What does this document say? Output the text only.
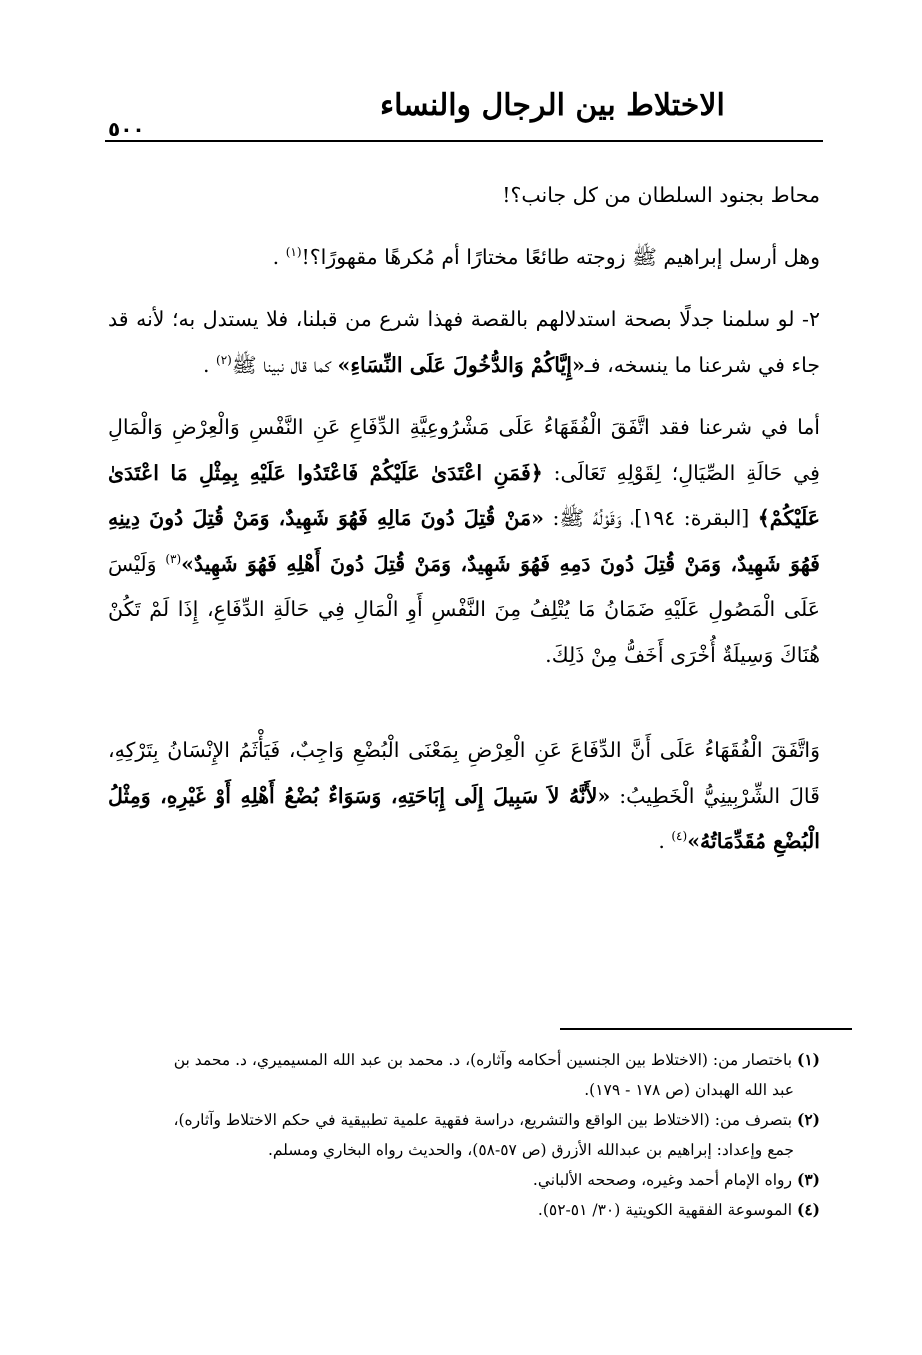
الاختلاط بين الرجال والنساء
٥٠٠
محاط بجنود السلطان من كل جانب؟!
وهل أرسل إبراهيم ﷺ زوجته طائعًا مختارًا أم مُكرهًا مقهورًا؟!$^{(١)}$ .
٢- لو سلمنا جدلًا بصحة استدلالهم بالقصة فهذا شرع من قبلنا، فلا يستدل به؛ لأنه قد جاء في شرعنا ما ينسخه، فـ«إِيَّاكُمْ وَالدُّخُولَ عَلَى النِّسَاءِ» كما قال نبينا ﷺ$^{(٢)}$ .
أما في شرعنا فقد اتَّفَقَ الْفُقَهَاءُ عَلَى مَشْرُوعِيَّةِ الدِّفَاعِ عَنِ النَّفْسِ وَالْعِرْضِ وَالْمَالِ فِي حَالَةِ الصِّيَالِ؛ لِقَوْلِهِ تَعَالَى: ﴿فَمَنِ اعْتَدَىٰ عَلَيْكُمْ فَاعْتَدُوا عَلَيْهِ بِمِثْلِ مَا اعْتَدَىٰ عَلَيْكُمْ﴾ [البقرة: ١٩٤]، وَقَوْلُهُ ﷺ: «مَنْ قُتِلَ دُونَ مَالِهِ فَهُوَ شَهِيدٌ، وَمَنْ قُتِلَ دُونَ دِينِهِ فَهُوَ شَهِيدٌ، وَمَنْ قُتِلَ دُونَ دَمِهِ فَهُوَ شَهِيدٌ، وَمَنْ قُتِلَ دُونَ أَهْلِهِ فَهُوَ شَهِيدٌ»$^{(٣)}$ وَلَيْسَ عَلَى الْمَصُولِ عَلَيْهِ ضَمَانُ مَا يُتْلِفُ مِنَ النَّفْسِ أَوِ الْمَالِ فِي حَالَةِ الدِّفَاعِ، إِذَا لَمْ تَكُنْ هُنَاكَ وَسِيلَةٌ أُخْرَى أَخَفُّ مِنْ ذَلِكَ.
وَاتَّفَقَ الْفُقَهَاءُ عَلَى أَنَّ الدِّفَاعَ عَنِ الْعِرْضِ بِمَعْنَى الْبُضْعِ وَاجِبٌ، فَيَأْثَمُ الإِنْسَانُ بِتَرْكِهِ، قَالَ الشِّرْبِينِيُّ الْخَطِيبُ: «لأَنَّهُ لاَ سَبِيلَ إِلَى إِبَاحَتِهِ، وَسَوَاءٌ بُضْعُ أَهْلِهِ أَوْ غَيْرِهِ، وَمِثْلُ الْبُضْعِ مُقَدِّمَاتُهُ»$^{(٤)}$ .

(١) باختصار من: (الاختلاط بين الجنسين أحكامه وآثاره)، د. محمد بن عبد الله المسيميري، د. محمد بن

عبد الله الهبدان (ص ١٧٨ - ١٧٩).

(٢) بتصرف من: (الاختلاط بين الواقع والتشريع، دراسة فقهية علمية تطبيقية في حكم الاختلاط وآثاره)،

جمع وإعداد: إبراهيم بن عبدالله الأزرق (ص ٥٧-٥٨)، والحديث رواه البخاري ومسلم.

(٣) رواه الإمام أحمد وغيره، وصححه الألباني.

(٤) الموسوعة الفقهية الكويتية (٣٠/ ٥١-٥٢).
